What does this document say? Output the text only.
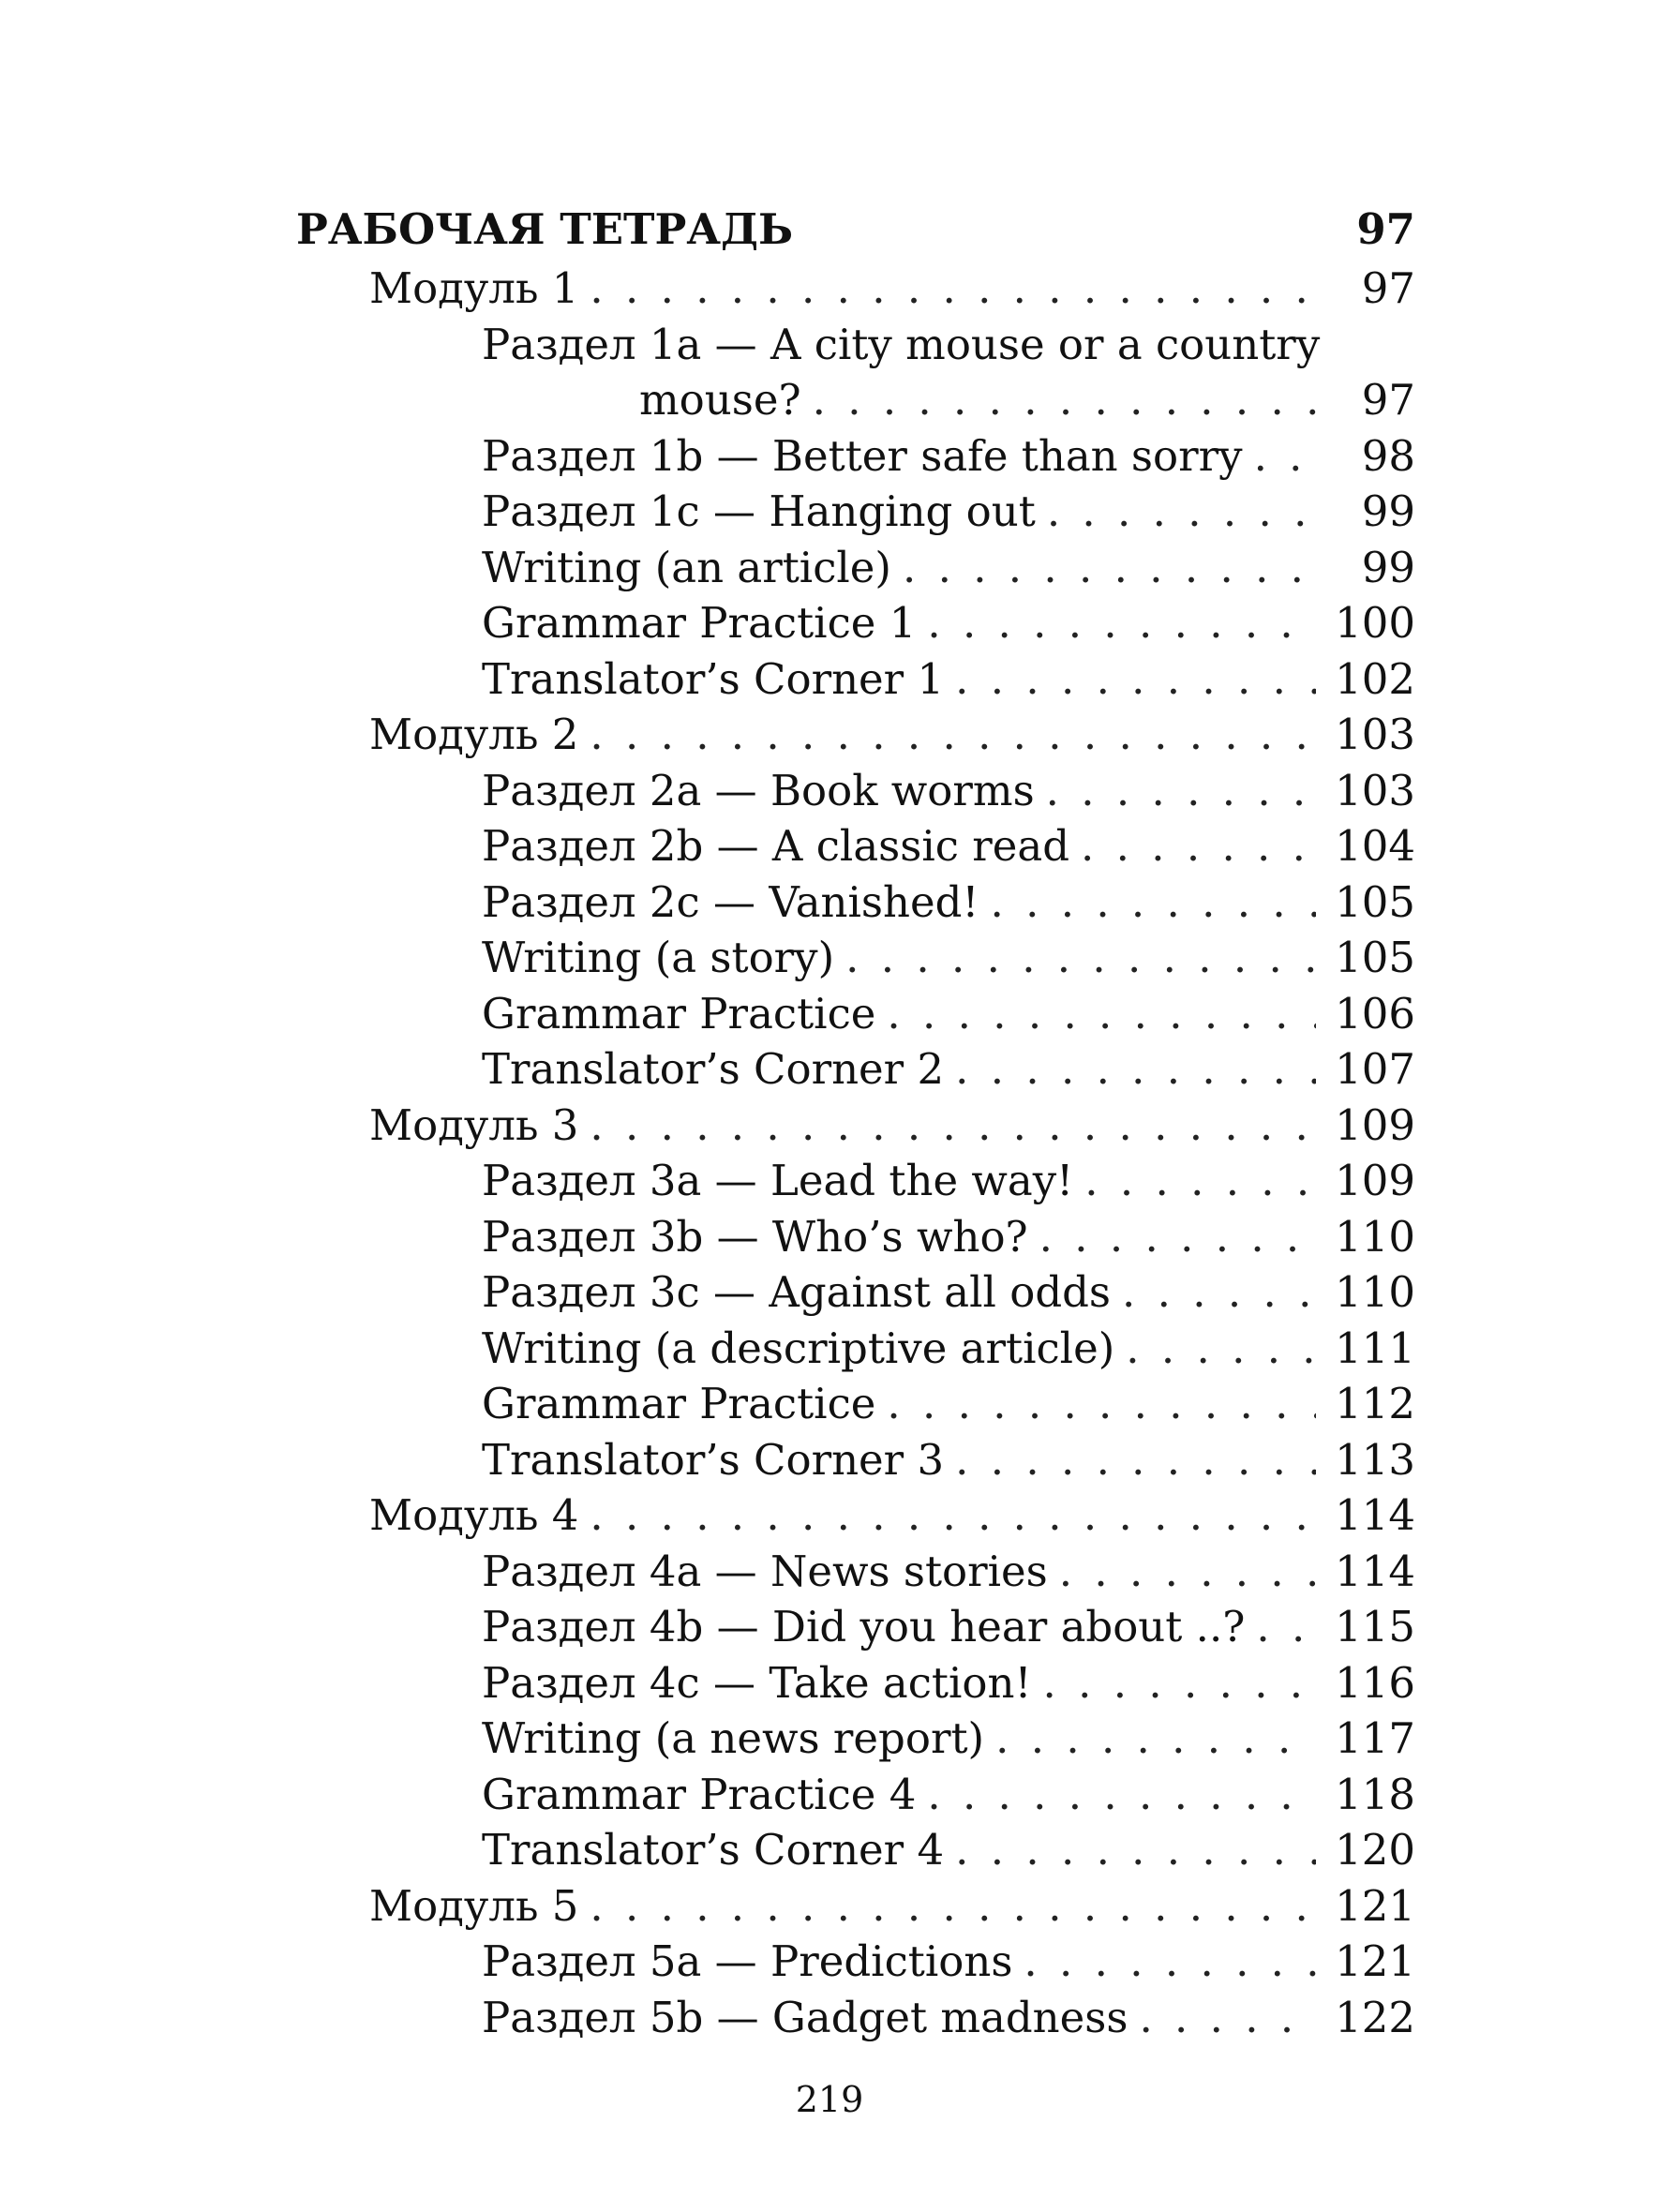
РАБОЧАЯ ТЕТРАДЬ	97
Модуль 1 . . .	97
Раздел 1a — A city mouse or a country
mouse? . . .	97
Раздел 1b — Better safe than sorry . . .	98
Раздел 1c — Hanging out . . .	99
Writing (an article) . . .	99
Grammar Practice 1 . . .	100
Translator’s Corner 1 . . .	102
Модуль 2 . . .	103
Раздел 2a — Book worms . . .	103
Раздел 2b — A classic read . . .	104
Раздел 2c — Vanished! . . .	105
Writing (a story) . . .	105
Grammar Practice . . .	106
Translator’s Corner 2 . . .	107
Модуль 3 . . .	109
Раздел 3a — Lead the way! . . .	109
Раздел 3b — Who’s who? . . .	110
Раздел 3c — Against all odds . . .	110
Writing (a descriptive article) . . .	111
Grammar Practice . . .	112
Translator’s Corner 3 . . .	113
Модуль 4 . . .	114
Раздел 4a — News stories . . .	114
Раздел 4b — Did you hear about ..? . . . 115
Раздел 4c — Take action! . . .	116
Writing (a news report) . . .	117
Grammar Practice 4 . . .	118
Translator’s Corner 4 . . .	120
Модуль 5 . . .	121
Раздел 5a — Predictions . . .	121
Раздел 5b — Gadget madness . . .	122
219
